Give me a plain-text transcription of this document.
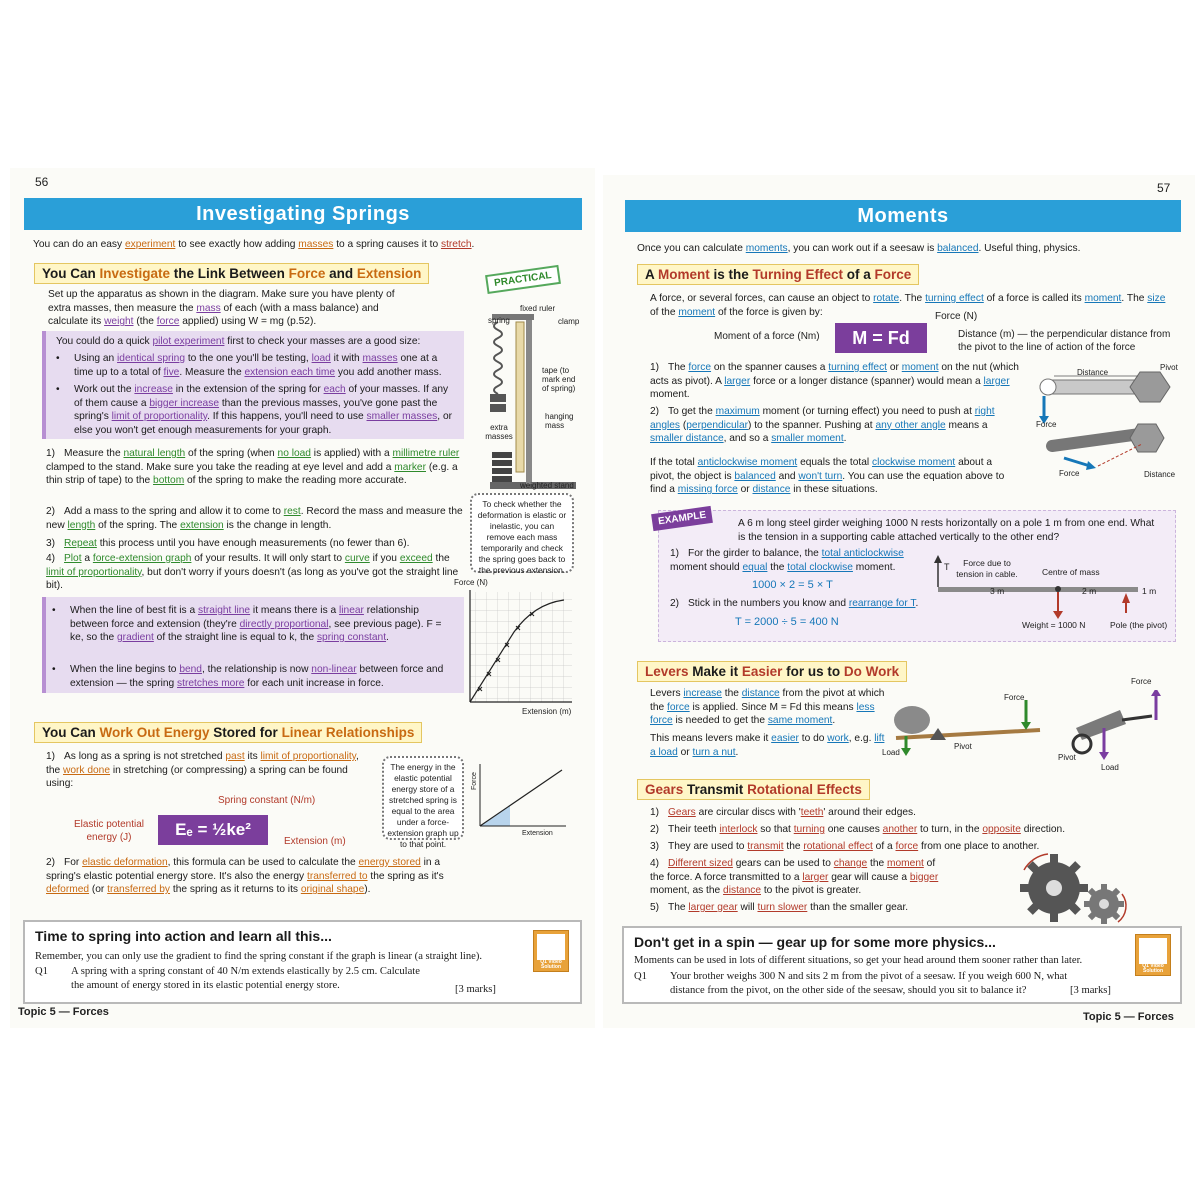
56
Investigating Springs
You can do an easy experiment to see exactly how adding masses to a spring causes it to stretch.
You Can Investigate the Link Between Force and Extension	PRACTICAL
Set up the apparatus as shown in the diagram. Make sure you have plenty of extra masses, then measure the mass of each (with a mass balance) and calculate its weight (the force applied) using W = mg (p.52).
You could do a quick pilot experiment first to check your masses are a good size:
•	Using an identical spring to the one you'll be testing, load it with masses one at a time up to a total of five. Measure the extension each time you add another mass.
•	Work out the increase in the extension of the spring for each of your masses. If any of them cause a bigger increase than the previous masses, you've gone past the spring's limit of proportionality. If this happens, you'll need to use smaller masses, or else you won't get enough measurements for your graph.
fixed ruler
spring	clamp
tape (to mark end of spring)
hanging mass
extra masses
weighted stand
1) Measure the natural length of the spring (when no load is applied) with a millimetre ruler clamped to the stand. Make sure you take the reading at eye level and add a marker (e.g. a thin strip of tape) to the bottom of the spring to make the reading more accurate.
2) Add a mass to the spring and allow it to come to rest. Record the mass and measure the new length of the spring. The extension is the change in length.
3) Repeat this process until you have enough measurements (no fewer than 6).
4) Plot a force-extension graph of your results. It will only start to curve if you exceed the limit of proportionality, but don't worry if yours doesn't (as long as you've got the straight line bit).
To check whether the deformation is elastic or inelastic, you can remove each mass temporarily and check the spring goes back to the previous extension.
•	When the line of best fit is a straight line it means there is a linear relationship between force and extension (they're directly proportional, see previous page). F = ke, so the gradient of the straight line is equal to k, the spring constant.
•	When the line begins to bend, the relationship is now non-linear between force and extension — the spring stretches more for each unit increase in force.
Force (N)
Extension (m)
You Can Work Out Energy Stored for Linear Relationships
1) As long as a spring is not stretched past its limit of proportionality, the work done in stretching (or compressing) a spring can be found using:
Spring constant (N/m)
Elastic potential energy (J)	Eₑ = ½ke²
Extension (m)
The energy in the elastic potential energy store of a stretched spring is equal to the area under a force-extension graph up to that point.
Force
Extension
2) For elastic deformation, this formula can be used to calculate the energy stored in a spring's elastic potential energy store. It's also the energy transferred to the spring as it's deformed (or transferred by the spring as it returns to its original shape).
Time to spring into action and learn all this...
Remember, you can only use the gradient to find the spring constant if the graph is linear (a straight line).
Q1 A spring with a spring constant of 40 N/m extends elastically by 2.5 cm. Calculate the amount of energy stored in its elastic potential energy store.	[3 marks]
Q1 Video Solution
Topic 5 — Forces
57
Moments
Once you can calculate moments, you can work out if a seesaw is balanced. Useful thing, physics.
A Moment is the Turning Effect of a Force
A force, or several forces, can cause an object to rotate. The turning effect of a force is called its moment. The size of the moment of the force is given by:	Force (N)
Moment of a force (Nm)	M = Fd	Distance (m) — the perpendicular distance from the pivot to the line of action of the force
1) The force on the spanner causes a turning effect or moment on the nut (which acts as pivot). A larger force or a longer distance (spanner) would mean a larger moment.
2) To get the maximum moment (or turning effect) you need to push at right angles (perpendicular) to the spanner. Pushing at any other angle means a smaller distance, and so a smaller moment.
Distance
Pivot
Force
Force	Distance
If the total anticlockwise moment equals the total clockwise moment about a pivot, the object is balanced and won't turn. You can use the equation above to find a missing force or distance in these situations.
EXAMPLE	A 6 m long steel girder weighing 1000 N rests horizontally on a pole 1 m from one end. What is the tension in a supporting cable attached vertically to the other end?
1) For the girder to balance, the total anticlockwise moment should equal the total clockwise moment.
1000 × 2 = 5 × T
2) Stick in the numbers you know and rearrange for T.
T = 2000 ÷ 5 = 400 N
T	Force due to tension in cable.	Centre of mass
3 m	2 m	1 m
Weight = 1000 N	Pole (the pivot)
Levers Make it Easier for us to Do Work
Levers increase the distance from the pivot at which the force is applied. Since M = Fd this means less force is needed to get the same moment.
This means levers make it easier to do work, e.g. lift a load or turn a nut.
Force
Load
Pivot
Force
Pivot
Load
Gears Transmit Rotational Effects
1) Gears are circular discs with 'teeth' around their edges.
2) Their teeth interlock so that turning one causes another to turn, in the opposite direction.
3) They are used to transmit the rotational effect of a force from one place to another.
4) Different sized gears can be used to change the moment of the force. A force transmitted to a larger gear will cause a bigger moment, as the distance to the pivot is greater.
5) The larger gear will turn slower than the smaller gear.
Don't get in a spin — gear up for some more physics...
Moments can be used in lots of different situations, so get your head around them sooner rather than later.
Q1 Your brother weighs 300 N and sits 2 m from the pivot of a seesaw. If you weigh 600 N, what distance from the pivot, on the other side of the seesaw, should you sit to balance it?	[3 marks]
Q1 Video Solution
Topic 5 — Forces
